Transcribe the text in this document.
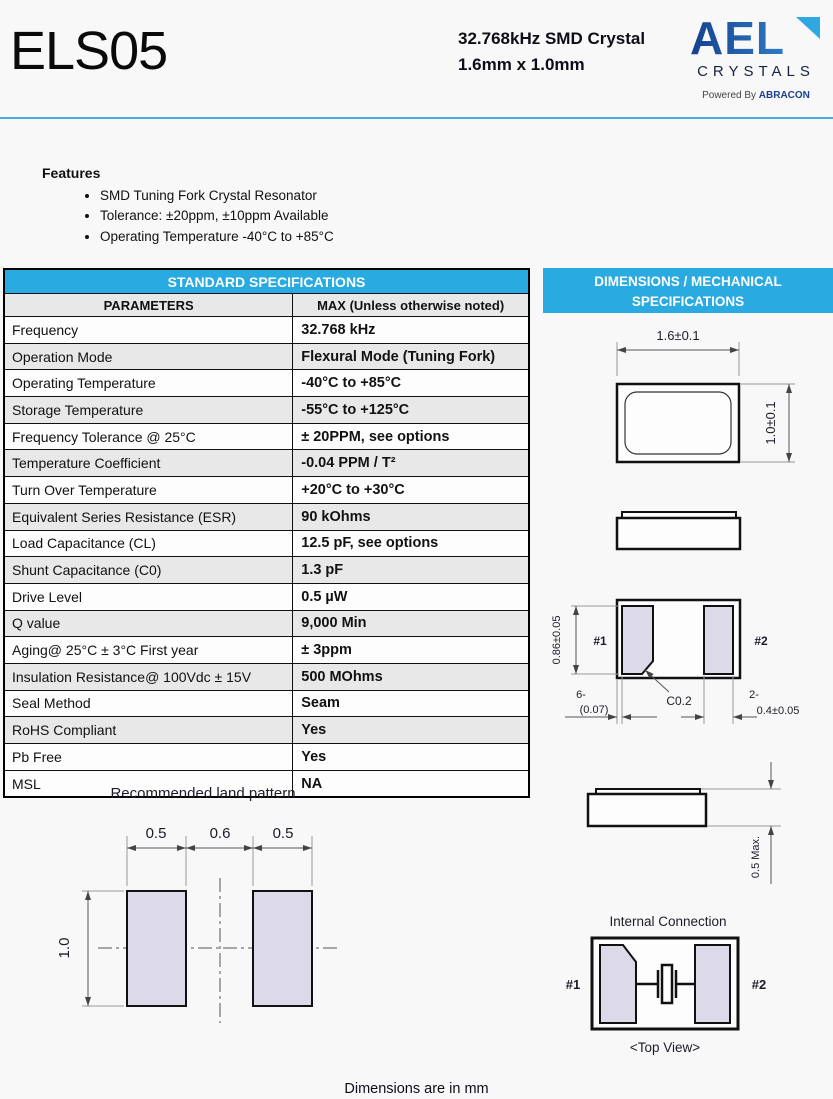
ELS05	32.768kHz SMD Crystal
1.6mm x 1.0mm
AEL
CRYSTALS
Powered By ABRACON
Features
• SMD Tuning Fork Crystal Resonator
• Tolerance: ±20ppm, ±10ppm Available
• Operating Temperature -40°C to +85°C
STANDARD SPECIFICATIONS	
PARAMETERS	MAX (Unless otherwise noted)
Frequency	32.768 kHz
Operation Mode	Flexural Mode (Tuning Fork)
Operating Temperature	-40°C to +85°C
Storage Temperature	-55°C to +125°C
Frequency Tolerance @ 25°C	± 20PPM, see options
Temperature Coefficient	-0.04 PPM / T²
Turn Over Temperature	+20°C to +30°C
Equivalent Series Resistance (ESR)	90 kOhms
Load Capacitance (CL)	12.5 pF, see options
Shunt Capacitance (C0)	1.3 pF
Drive Level	0.5 µW
Q value	9,000 Min
Aging@ 25°C ± 3°C First year	± 3ppm
Insulation Resistance@ 100Vdc ± 15V	500 MOhms
Seal Method	Seam
RoHS Compliant	Yes
Pb Free	Yes
MSL	NA
DIMENSIONS / MECHANICAL
SPECIFICATIONS
1.6±0.1
1.0±0.1
#1	#2
0.86±0.05
6-
(0.07)
C0.2	2-
0.4±0.05
0.5 Max.
Internal Connection
#1	#2
<Top View>
Recommended land pattern
0.5	0.6	0.5
1.0
Dimensions are in mm
